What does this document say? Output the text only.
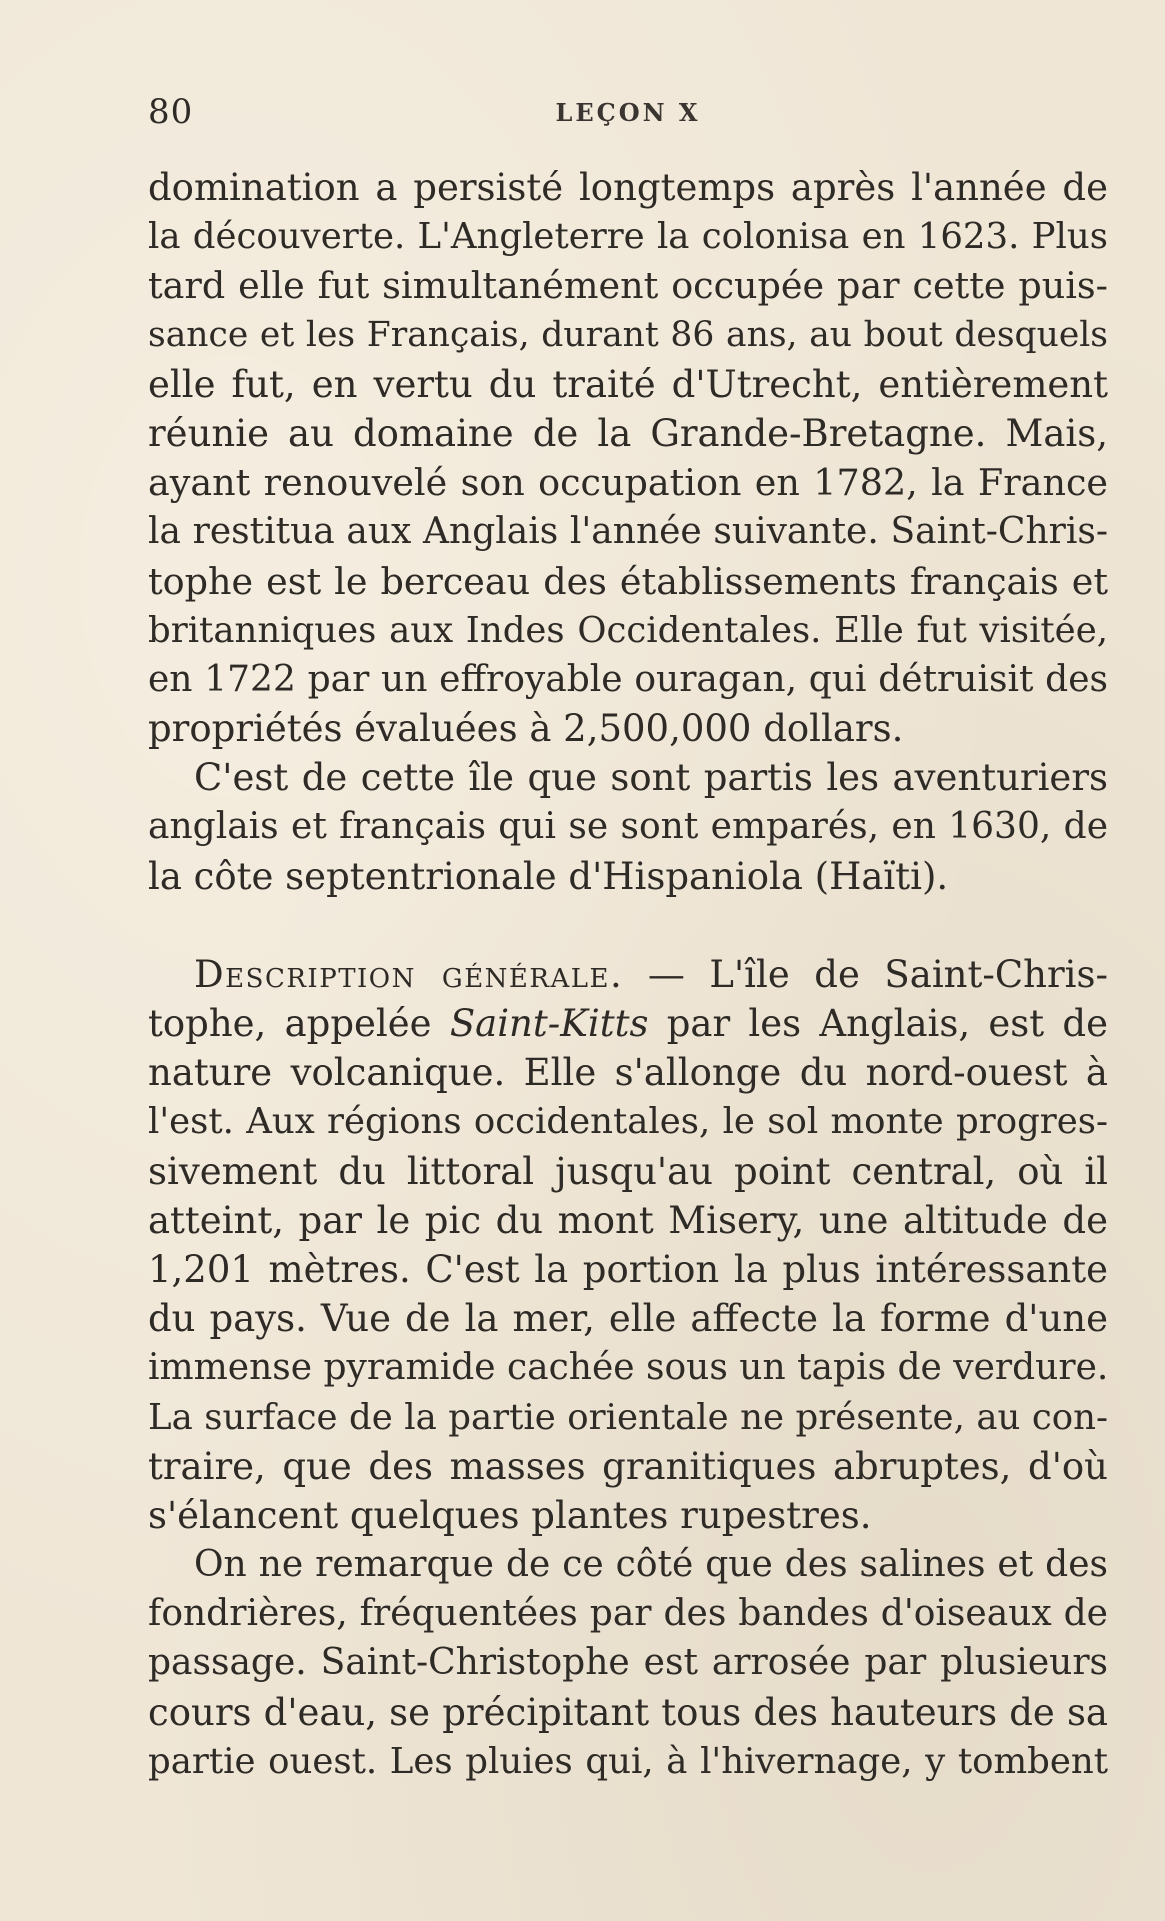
80	LEÇON X
domination a persisté longtemps après l'année de
la découverte. L'Angleterre la colonisa en 1623. Plus
tard elle fut simultanément occupée par cette puis-
sance et les Français, durant 86 ans, au bout desquels
elle fut, en vertu du traité d'Utrecht, entièrement
réunie au domaine de la Grande-Bretagne. Mais,
ayant renouvelé son occupation en 1782, la France
la restitua aux Anglais l'année suivante. Saint-Chris-
tophe est le berceau des établissements français et
britanniques aux Indes Occidentales. Elle fut visitée,
en 1722 par un effroyable ouragan, qui détruisit des
propriétés évaluées à 2,500,000 dollars.
C'est de cette île que sont partis les aventuriers
anglais et français qui se sont emparés, en 1630, de
la côte septentrionale d'Hispaniola (Haïti).
Description générale. — L'île de Saint-Chris-
tophe, appelée Saint-Kitts par les Anglais, est de
nature volcanique. Elle s'allonge du nord-ouest à
l'est. Aux régions occidentales, le sol monte progres-
sivement du littoral jusqu'au point central, où il
atteint, par le pic du mont Misery, une altitude de
1,201 mètres. C'est la portion la plus intéressante
du pays. Vue de la mer, elle affecte la forme d'une
immense pyramide cachée sous un tapis de verdure.
La surface de la partie orientale ne présente, au con-
traire, que des masses granitiques abruptes, d'où
s'élancent quelques plantes rupestres.
On ne remarque de ce côté que des salines et des
fondrières, fréquentées par des bandes d'oiseaux de
passage. Saint-Christophe est arrosée par plusieurs
cours d'eau, se précipitant tous des hauteurs de sa
partie ouest. Les pluies qui, à l'hivernage, y tombent
